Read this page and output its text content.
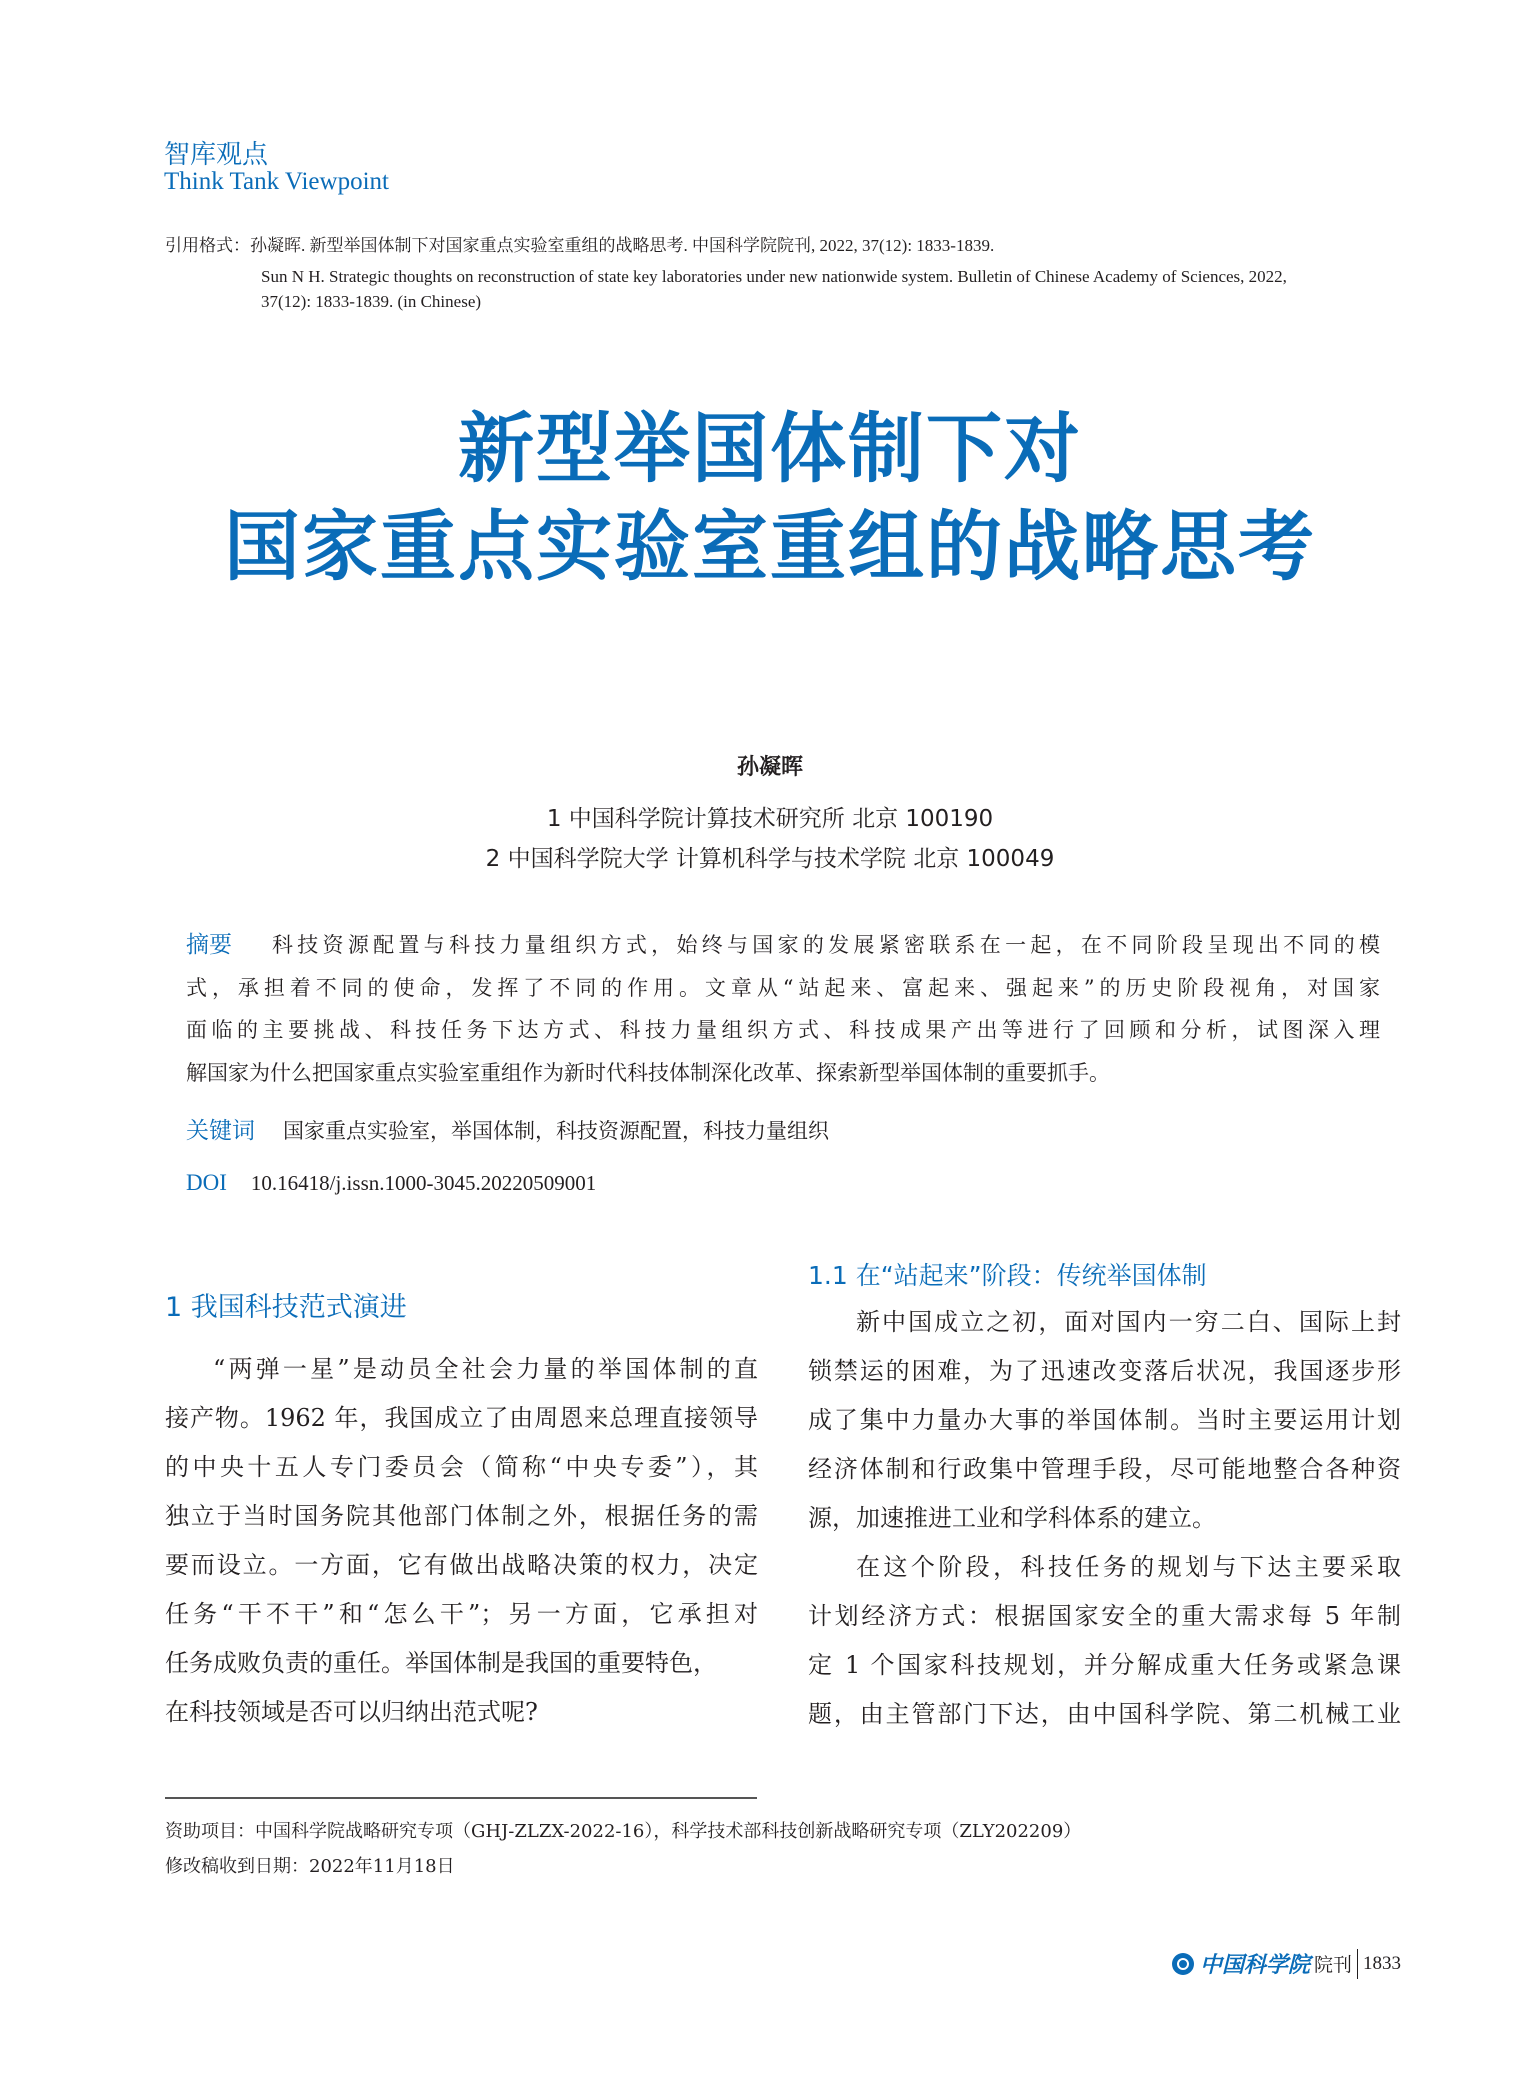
智库观点
Think Tank Viewpoint
引用格式：孙凝晖. 新型举国体制下对国家重点实验室重组的战略思考. 中国科学院院刊, 2022, 37(12): 1833-1839.
Sun N H. Strategic thoughts on reconstruction of state key laboratories under new nationwide system. Bulletin of Chinese Academy of Sciences, 2022,
37(12): 1833-1839. (in Chinese)
新型举国体制下对
国家重点实验室重组的战略思考
孙凝晖
1 中国科学院计算技术研究所 北京 100190
2 中国科学院大学 计算机科学与技术学院 北京 100049
摘要	科技资源配置与科技力量组织方式，始终与国家的发展紧密联系在一起，在不同阶段呈现出不同的模
式，承担着不同的使命，发挥了不同的作用。文章从“站起来、富起来、强起来”的历史阶段视角，对国家
面临的主要挑战、科技任务下达方式、科技力量组织方式、科技成果产出等进行了回顾和分析，试图深入理
解国家为什么把国家重点实验室重组作为新时代科技体制深化改革、探索新型举国体制的重要抓手。
关键词 国家重点实验室，举国体制，科技资源配置，科技力量组织
DOI 10.16418/j.issn.1000-3045.20220509001
1 我国科技范式演进
“两弹一星”是动员全社会力量的举国体制的直
接产物。1962 年，我国成立了由周恩来总理直接领导
的中央十五人专门委员会（简称“中央专委”），其
独立于当时国务院其他部门体制之外，根据任务的需
要而设立。一方面，它有做出战略决策的权力，决定
任务“干不干”和“怎么干”；另一方面，它承担对
任务成败负责的重任。举国体制是我国的重要特色，
在科技领域是否可以归纳出范式呢?
1.1 在“站起来”阶段：传统举国体制
新中国成立之初，面对国内一穷二白、国际上封
锁禁运的困难，为了迅速改变落后状况，我国逐步形
成了集中力量办大事的举国体制。当时主要运用计划
经济体制和行政集中管理手段，尽可能地整合各种资
源，加速推进工业和学科体系的建立。
在这个阶段，科技任务的规划与下达主要采取
计划经济方式：根据国家安全的重大需求每 5 年制
定 1 个国家科技规划，并分解成重大任务或紧急课
题，由主管部门下达，由中国科学院、第二机械工业
资助项目：中国科学院战略研究专项（GHJ-ZLZX-2022-16），科学技术部科技创新战略研究专项（ZLY202209）
修改稿收到日期：2022年11月18日
中国科学院 院刊 1833
